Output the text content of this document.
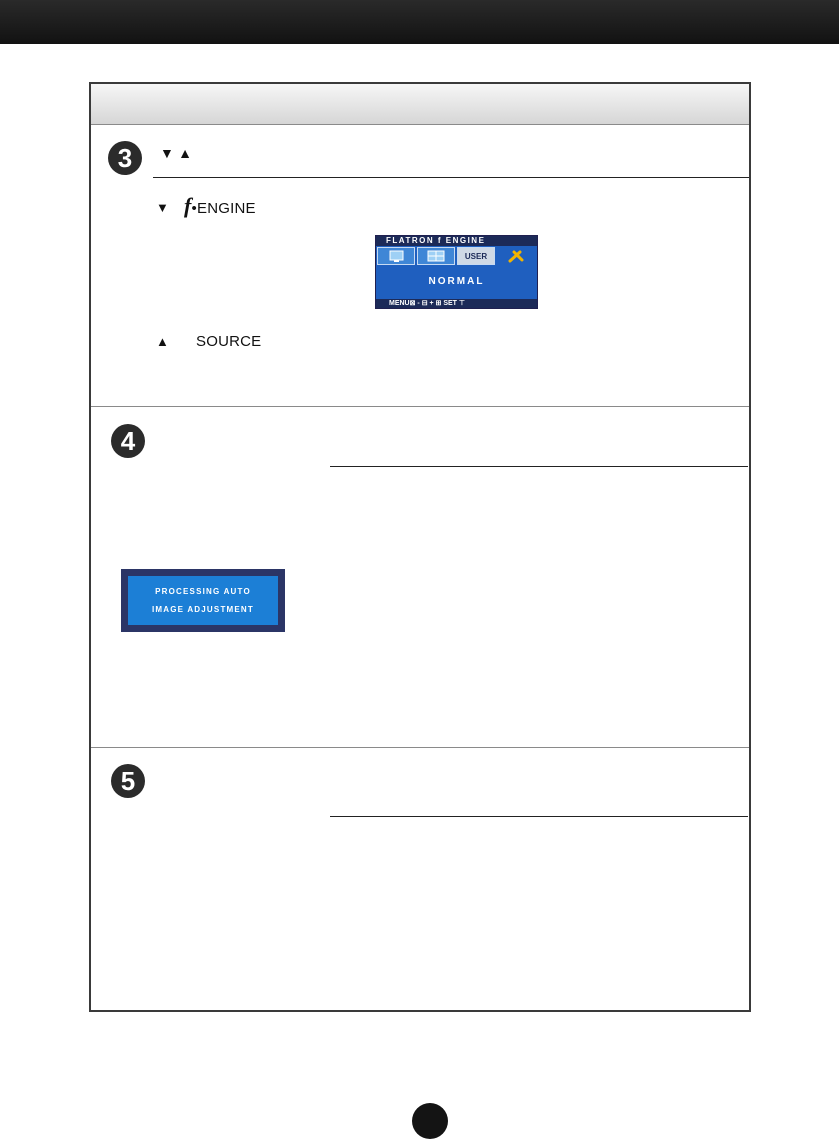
3	▼ ▲
▼ f•ENGINE
FLATRON f ENGINE
USER
NORMAL
MENU⊠ - ⊟ + ⊞ SET ⊤
▲ SOURCE
4
PROCESSING AUTO
IMAGE ADJUSTMENT
5
